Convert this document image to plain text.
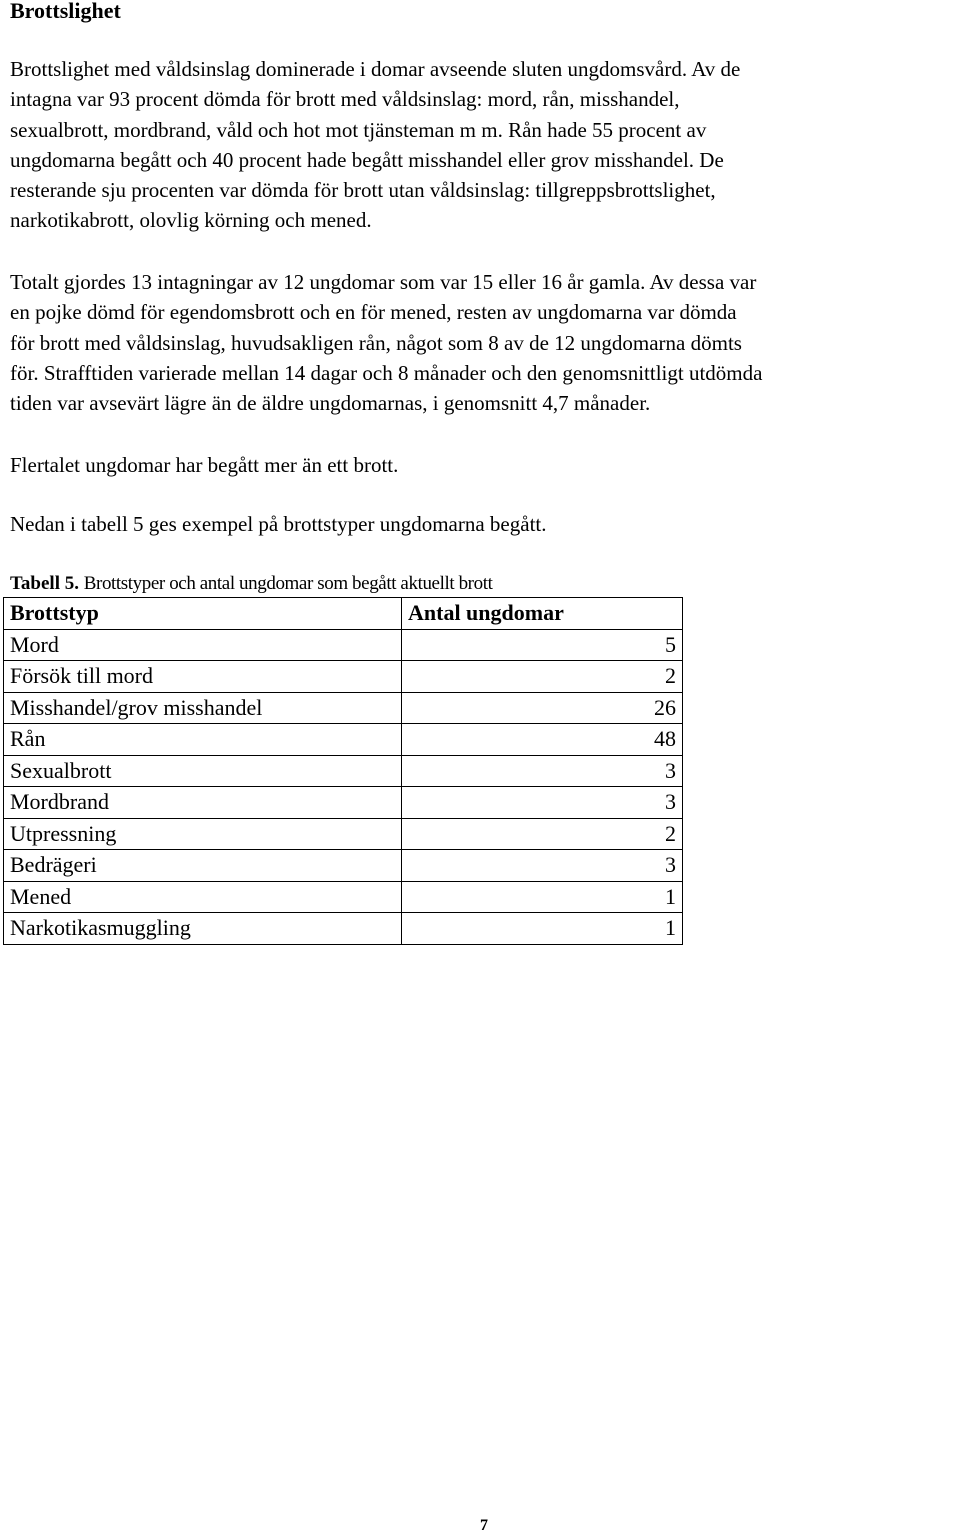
Brottslighet

Brottslighet med våldsinslag dominerade i domar avseende sluten ungdomsvård. Av de
intagna var 93 procent dömda för brott med våldsinslag: mord, rån, misshandel,
sexualbrott, mordbrand, våld och hot mot tjänsteman m m. Rån hade 55 procent av
ungdomarna begått och 40 procent hade begått misshandel eller grov misshandel. De
resterande sju procenten var dömda för brott utan våldsinslag: tillgreppsbrottslighet,
narkotikabrott, olovlig körning och mened.

Totalt gjordes 13 intagningar av 12 ungdomar som var 15 eller 16 år gamla. Av dessa var
en pojke dömd för egendomsbrott och en för mened, resten av ungdomarna var dömda
för brott med våldsinslag, huvudsakligen rån, något som 8 av de 12 ungdomarna dömts
för. Strafftiden varierade mellan 14 dagar och 8 månader och den genomsnittligt utdömda
tiden var avsevärt lägre än de äldre ungdomarnas, i genomsnitt 4,7 månader.

Flertalet ungdomar har begått mer än ett brott.

Nedan i tabell 5 ges exempel på brottstyper ungdomarna begått.

Tabell 5. Brottstyper och antal ungdomar som begått aktuellt brott

Brottstyp	Antal ungdomar
Mord	5
Försök till mord	2
Misshandel/grov misshandel	26
Rån	48
Sexualbrott	3
Mordbrand	3
Utpressning	2
Bedrägeri	3
Mened	1
Narkotikasmuggling	1
7
